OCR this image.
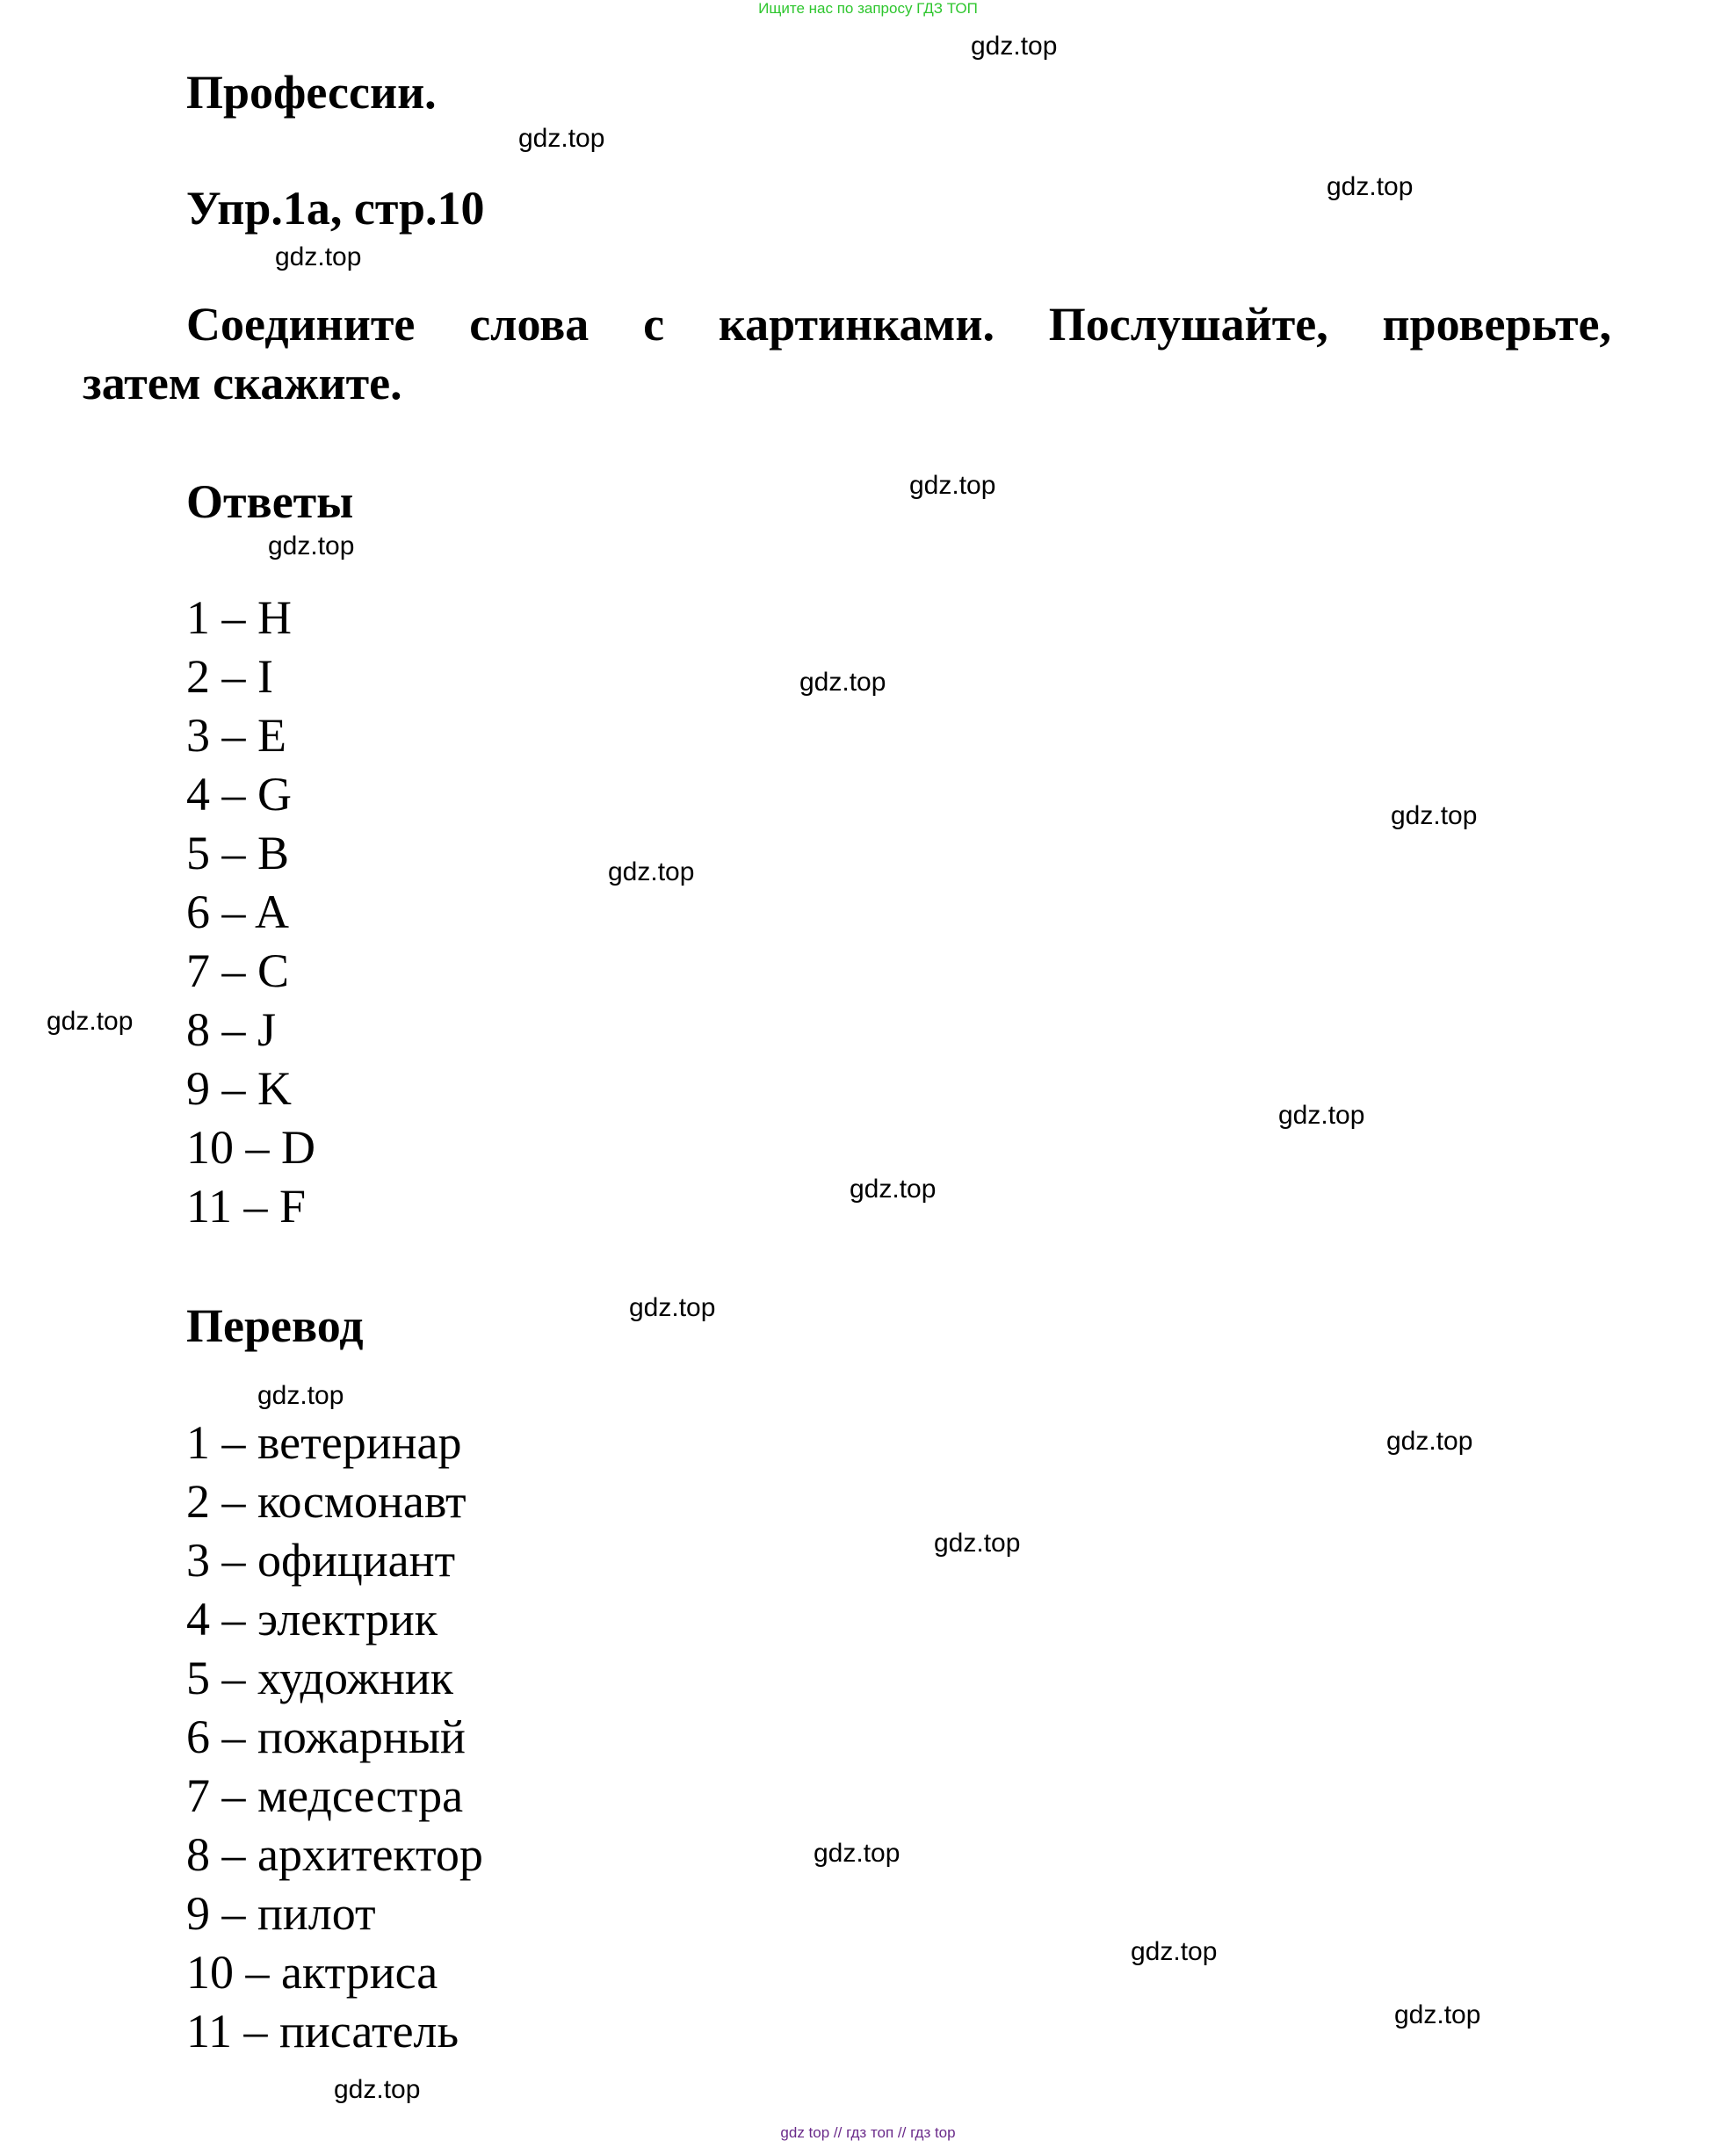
Ищите нас по запросу ГДЗ ТОП
Профессии.
Упр.1а, стр.10
Соедините слова с картинками. Послушайте, проверьте,
затем скажите.
Ответы
1 – H
2 – I
3 – E
4 – G
5 – B
6 – A
7 – C
8 – J
9 – K
10 – D
11 – F
Перевод
1 – ветеринар
2 – космонавт
3 – официант
4 – электрик
5 – художник
6 – пожарный
7 – медсестра
8 – архитектор
9 – пилот
10 – актриса
11 – писатель
gdz.top
gdz.top
gdz.top
gdz.top
gdz.top
gdz.top
gdz.top
gdz.top
gdz.top
gdz.top
gdz.top
gdz.top
gdz.top
gdz.top
gdz.top
gdz.top
gdz.top
gdz.top
gdz.top
gdz.top
gdz top // гдз топ // гдз top
